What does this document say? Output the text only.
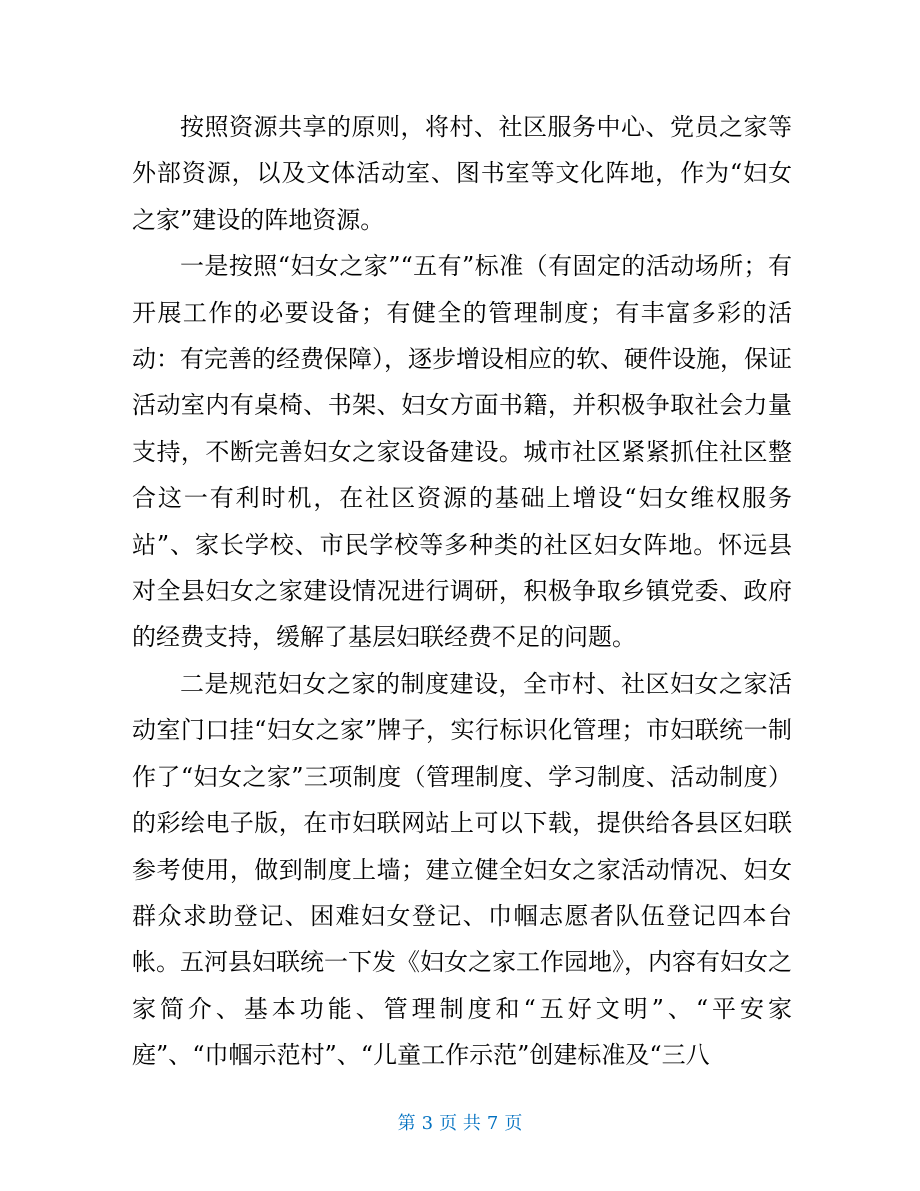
按照资源共享的原则，将村、社区服务中心、党员之家等外部资源，以及文体活动室、图书室等文化阵地，作为“妇女之家”建设的阵地资源。

一是按照“妇女之家”“五有”标准（有固定的活动场所；有开展工作的必要设备；有健全的管理制度；有丰富多彩的活动：有完善的经费保障），逐步增设相应的软、硬件设施，保证活动室内有桌椅、书架、妇女方面书籍，并积极争取社会力量支持，不断完善妇女之家设备建设。城市社区紧紧抓住社区整合这一有利时机，在社区资源的基础上增设“妇女维权服务站”、家长学校、市民学校等多种类的社区妇女阵地。怀远县对全县妇女之家建设情况进行调研，积极争取乡镇党委、政府的经费支持，缓解了基层妇联经费不足的问题。

二是规范妇女之家的制度建设，全市村、社区妇女之家活动室门口挂“妇女之家”牌子，实行标识化管理；市妇联统一制作了“妇女之家”三项制度（管理制度、学习制度、活动制度）的彩绘电子版，在市妇联网站上可以下载，提供给各县区妇联参考使用，做到制度上墙；建立健全妇女之家活动情况、妇女群众求助登记、困难妇女登记、巾帼志愿者队伍登记四本台帐。五河县妇联统一下发《妇女之家工作园地》，内容有妇女之家简介、基本功能、管理制度和“五好文明”、“平安家庭”、“巾帼示范村”、“儿童工作示范”创建标准及“三八

第 3 页 共 7 页
